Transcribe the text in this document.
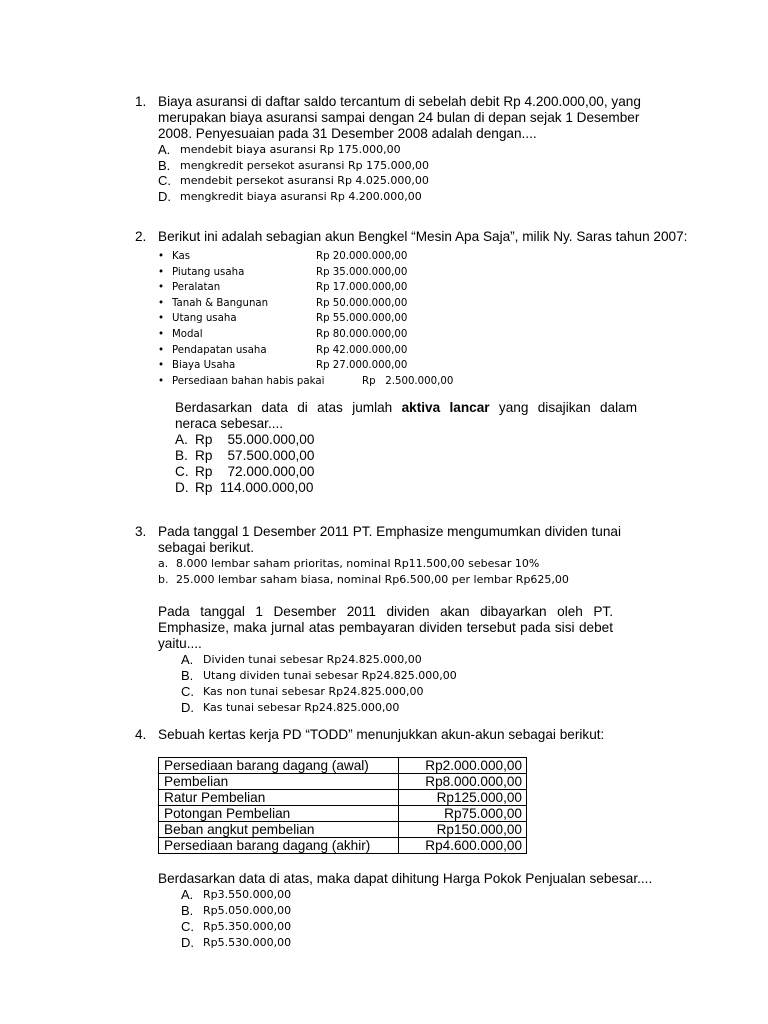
1. Biaya asuransi di daftar saldo tercantum di sebelah debit Rp 4.200.000,00, yang
merupakan biaya asuransi sampai dengan 24 bulan di depan sejak 1 Desember
2008. Penyesuaian pada 31 Desember 2008 adalah dengan....
A. mendebit biaya asuransi Rp 175.000,00
B. mengkredit persekot asuransi Rp 175.000,00
C. mendebit persekot asuransi Rp 4.025.000,00
D. mengkredit biaya asuransi Rp 4.200.000,00
2. Berikut ini adalah sebagian akun Bengkel “Mesin Apa Saja”, milik Ny. Saras tahun 2007:
• Kas	Rp 20.000.000,00
• Piutang usaha	Rp 35.000.000,00
• Peralatan	Rp 17.000.000,00
• Tanah & Bangunan	Rp 50.000.000,00
• Utang usaha	Rp 55.000.000,00
• Modal	Rp 80.000.000,00
• Pendapatan usaha	Rp 42.000.000,00
• Biaya Usaha	Rp 27.000.000,00
• Persediaan bahan habis pakai	Rp   2.500.000,00
Berdasarkan data di atas jumlah aktiva lancar yang disajikan dalam
neraca sebesar....
A. Rp    55.000.000,00
B. Rp    57.500.000,00
C. Rp    72.000.000,00
D. Rp  114.000.000,00
3. Pada tanggal 1 Desember 2011 PT. Emphasize mengumumkan dividen tunai
sebagai berikut.
a. 8.000 lembar saham prioritas, nominal Rp11.500,00 sebesar 10%
b. 25.000 lembar saham biasa, nominal Rp6.500,00 per lembar Rp625,00
Pada tanggal 1 Desember 2011 dividen akan dibayarkan oleh PT.
Emphasize, maka jurnal atas pembayaran dividen tersebut pada sisi debet
yaitu....
A. Dividen tunai sebesar Rp24.825.000,00
B. Utang dividen tunai sebesar Rp24.825.000,00
C. Kas non tunai sebesar Rp24.825.000,00
D. Kas tunai sebesar Rp24.825.000,00
4. Sebuah kertas kerja PD “TODD” menunjukkan akun-akun sebagai berikut:
Persediaan barang dagang (awal)	Rp2.000.000,00
Pembelian	Rp8.000.000,00
Ratur Pembelian	Rp125.000,00
Potongan Pembelian	Rp75.000,00
Beban angkut pembelian	Rp150.000,00
Persediaan barang dagang (akhir)	Rp4.600.000,00
Berdasarkan data di atas, maka dapat dihitung Harga Pokok Penjualan sebesar....
A. Rp3.550.000,00
B. Rp5.050.000,00
C. Rp5.350.000,00
D. Rp5.530.000,00
